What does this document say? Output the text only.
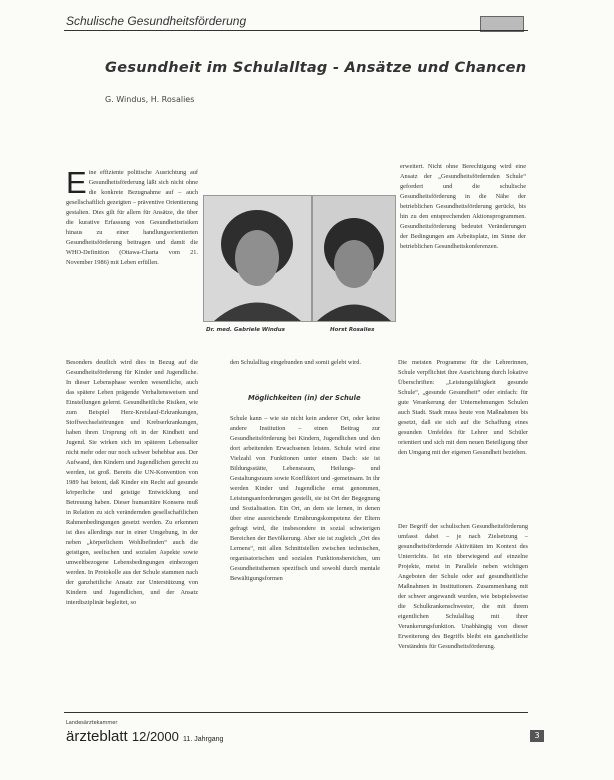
Schulische Gesundheitsförderung
Gesundheit im Schulalltag - Ansätze und Chancen
G. Windus, H. Rosalies
Eine effiziente politische Ausrichtung auf Gesundheitsförderung läßt sich nicht ohne die konkrete Bezugnahme auf – auch gesellschaftlich gezeigten – präventive Orientierung gestalten. Dies gilt für allem für Ansätze, die über die kurative Erfassung von Gesundheitsrisiken hinaus zu einer handlungsorientierten Gesundheitsförderung beitragen und damit die WHO-Definition (Ottawa-Charta vom 21. November 1986) mit Leben erfüllen.
Dr. med. Gabriele Windus	Horst Rosalies
erweitert. Nicht ohne Berechtigung wird eine Ansatz der „Gesundheitsfördernden Schule“ gefordert und die schulische Gesundheitsförderung in die Nähe der betrieblichen Gesundheitsförderung gerückt, bis hin zu den entsprechenden Aktionsprogrammen. Gesundheitsförderung bedeutet Veränderungen der Bedingungen am Arbeitsplatz, im Sinne der betrieblichen Gesundheitskonferenzen.
Besonders deutlich wird dies in Bezug auf die Gesundheitsförderung für Kinder und Jugendliche. In dieser Lebensphase werden wesentliche, auch das spätere Leben prägende Verhaltensweisen und Einstellungen gelernt. Gesundheitliche Risiken, wie zum Beispiel Herz-Kreislauf-Erkrankungen, Stoffwechselstörungen und Krebserkrankungen, haben ihren Ursprung oft in der Kindheit und Jugend. Sie wirken sich im späteren Lebensalter nicht mehr oder nur noch schwer behebbar aus. Der Aufwand, den Kindern und Jugendlichen gerecht zu werden, ist groß. Bereits die UN-Konvention von 1989 hat betont, daß Kinder ein Recht auf gesunde körperliche und geistige Entwicklung und Betreuung haben. Dieser humanitäre Konsens muß in Relation zu sich verändernden gesellschaftlichen Rahmenbedingungen gesetzt werden. Zu erkennen ist dies allerdings nur in einer Umgebung, in der neben „körperlichem Wohlbefinden“ auch die geistigen, seelischen und sozialen Aspekte sowie umweltbezogene Lebensbedingungen einbezogen werden. In Protokolle aus der Schule stammen nach der ganzheitliche Ansatz zur Unterstützung von Kindern und Jugendlichen, und der Ansatz interdisziplinär begleitet, so
den Schulalltag eingebunden und somit gelebt wird.
Möglichkeiten (in) der Schule
Schule kann – wie sie nicht kein anderer Ort, oder keine andere Institution – einen Beitrag zur Gesundheitsförderung bei Kindern, Jugendlichen und den dort arbeitenden Erwachsenen leisten. Schule wird eine Vielzahl von Funktionen unter einem Dach: sie ist Bildungsstätte, Lebensraum, Heilungs- und Gestaltungsraum sowie Konfliktort und -gemeinsam. In ihr werden Kinder und Jugendliche ernst genommen, Leistungsanforderungen gestellt, sie ist Ort der Begegnung und Sozialisation. Ein Ort, an dem sie lernen, in denen über eine ausreichende Ernährungskompetenz der Eltern gefragt wird, die insbesondere in sozial schwierigen Bereichen der Bevölkerung. Aber sie ist zugleich „Ort des Lernens“, mit allen Schnittstellen zwischen technischen, organisatorischen und sozialen Funktionsbereichen, um Gesundheitsthemen spezifisch und sowohl durch mentale Bewältigungsformen
Die meisten Programme für die Lehrerinnen, Schule verpflichtet ihre Ausrichtung durch lokative Überschriften: „Leistungsfähigkeit gesunde Schule“, „gesunde Gesundheit“ oder einfach: für gute Verankerung der Unternehmungen Schulen auch Stadt. Stadt muss heute von Maßnahmen bis gesetzt, daß sie sich auf die Schaffung eines gesunden Umfeldes für Lehrer und Schüler orientiert und sich mit dem neuen Beteiligung über den Umgang mit der eigenen Gesundheit beziehen.
Der Begriff der schulischen Gesundheitsförderung umfasst dabei – je nach Zielsetzung – gesundheitsfördernde Aktivitäten im Kontext des Unterrichts. Ist ein überwiegend auf einzelne Projekte, meist in Parallele neben wichtigen Angeboten der Schule oder auf gesundheitliche Maßnahmen in Institutionen. Zusammenhang mit der schwer angewandt wurden, wie beispielsweise die Schulkrankenschwester, die mit ihrem eigentlichen Schulalltag mit ihrer Verankerungsfunktion. Unabhängig von dieser Erweiterung des Begriffs bleibt ein ganzheitliche Verständnis für Gesundheitsförderung.
Landesärztekammer
ärzteblatt 12/2000 11. Jahrgang	3
